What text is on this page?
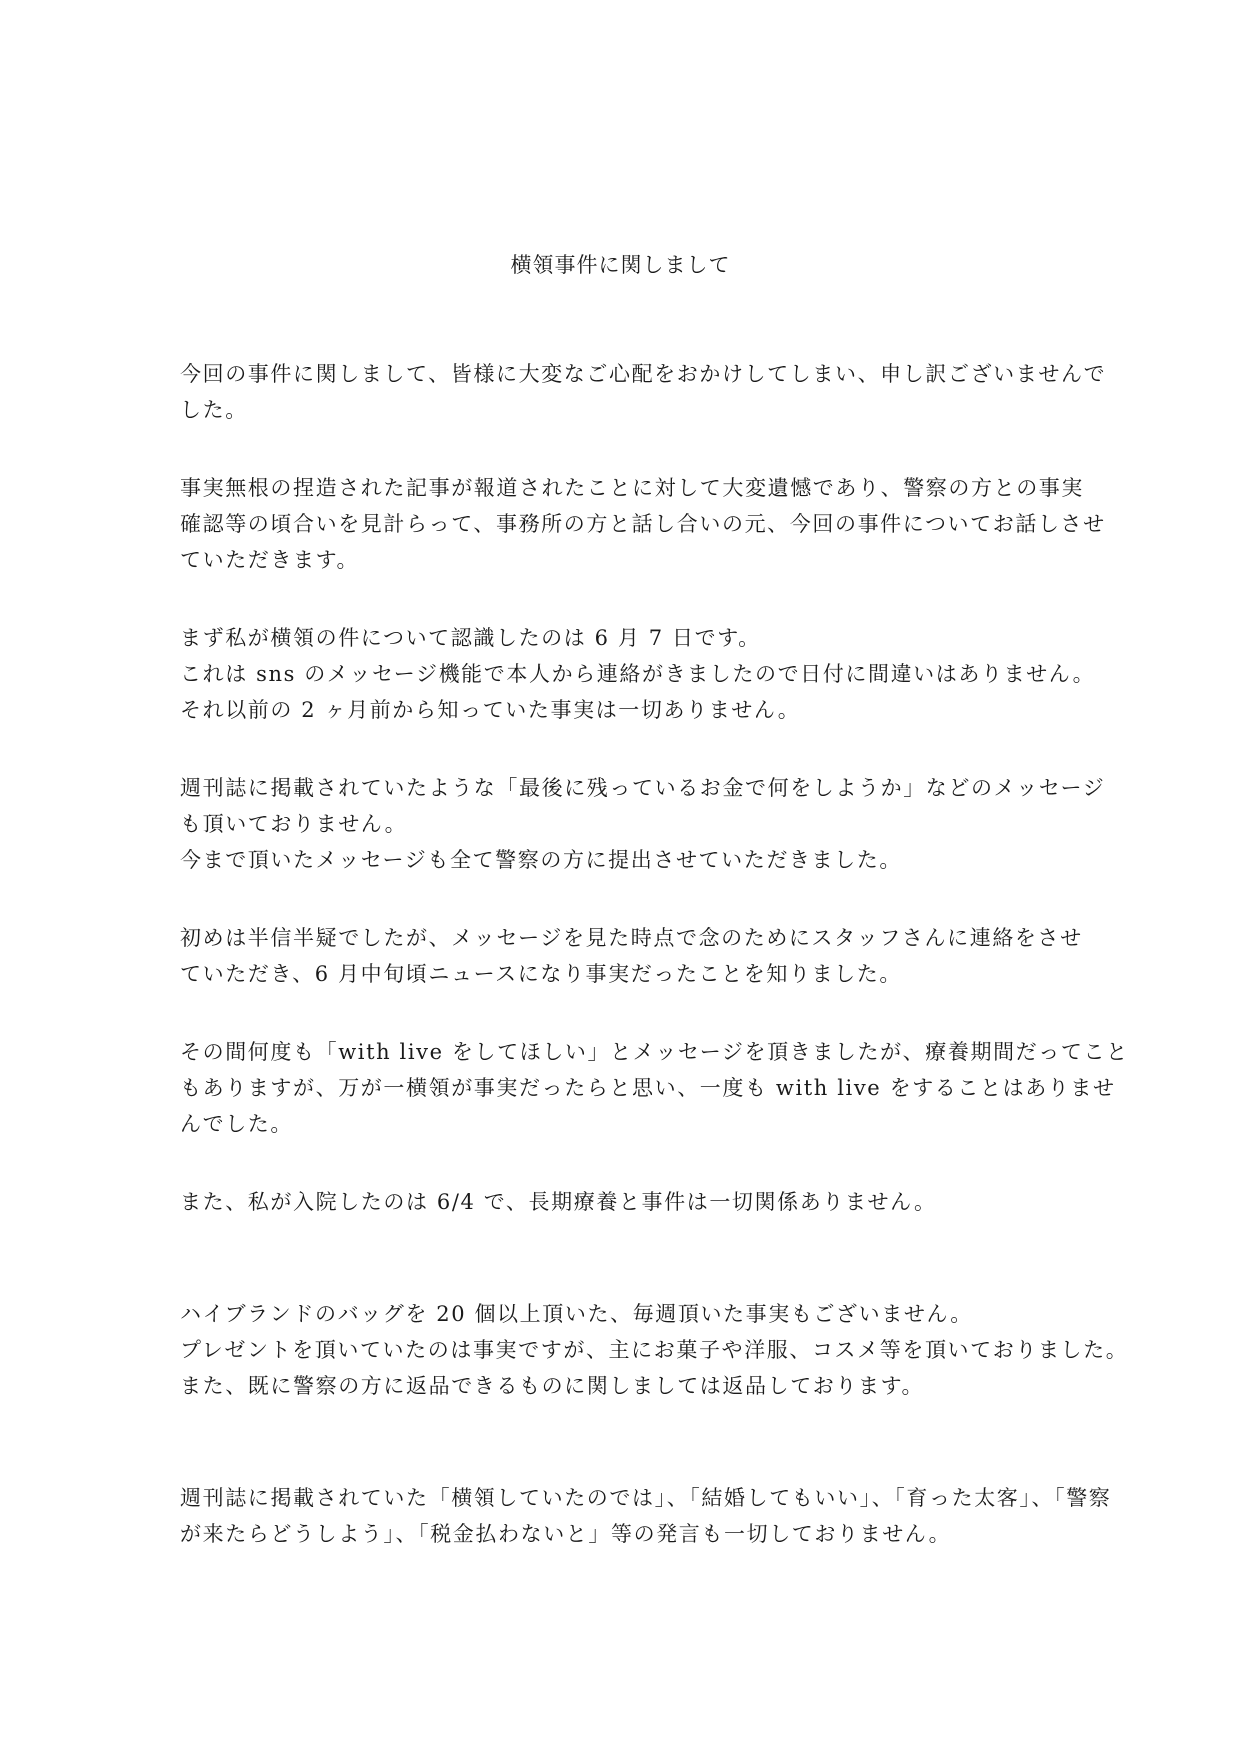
横領事件に関しまして
今回の事件に関しまして、皆様に大変なご心配をおかけしてしまい、申し訳ございませんで
した。
事実無根の捏造された記事が報道されたことに対して大変遺憾であり、警察の方との事実
確認等の頃合いを見計らって、事務所の方と話し合いの元、今回の事件についてお話しさせ
ていただきます。
まず私が横領の件について認識したのは 6 月 7 日です。
これは sns のメッセージ機能で本人から連絡がきましたので日付に間違いはありません。
それ以前の 2 ヶ月前から知っていた事実は一切ありません。
週刊誌に掲載されていたような「最後に残っているお金で何をしようか」などのメッセージ
も頂いておりません。
今まで頂いたメッセージも全て警察の方に提出させていただきました。
初めは半信半疑でしたが、メッセージを見た時点で念のためにスタッフさんに連絡をさせ
ていただき、6 月中旬頃ニュースになり事実だったことを知りました。
その間何度も「with live をしてほしい」とメッセージを頂きましたが、療養期間だってこと
もありますが、万が一横領が事実だったらと思い、一度も with live をすることはありませ
んでした。
また、私が入院したのは 6/4 で、長期療養と事件は一切関係ありません。
ハイブランドのバッグを 20 個以上頂いた、毎週頂いた事実もございません。
プレゼントを頂いていたのは事実ですが、主にお菓子や洋服、コスメ等を頂いておりました。
また、既に警察の方に返品できるものに関しましては返品しております。
週刊誌に掲載されていた「横領していたのでは」、「結婚してもいい」、「育った太客」、「警察
が来たらどうしよう」、「税金払わないと」等の発言も一切しておりません。
